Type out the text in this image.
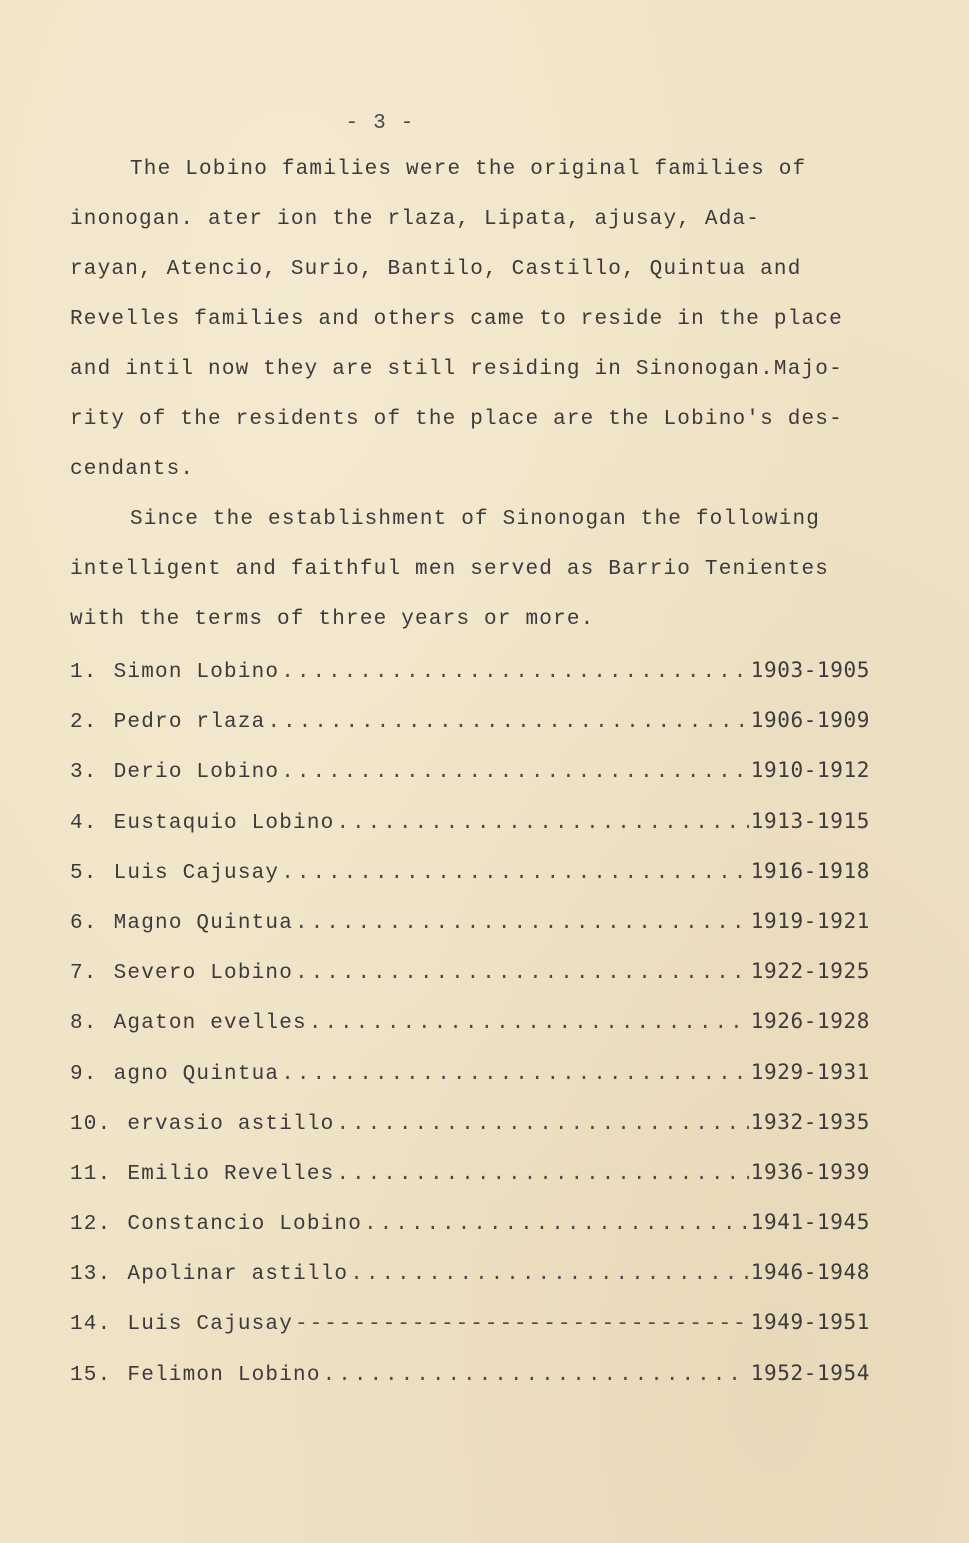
- 3 -
The Lobino families were the original families of
inonogan. ater ion the rlaza, Lipata, ajusay, Ada-
rayan, Atencio, Surio, Bantilo, Castillo, Quintua and
Revelles families and others came to reside in the place
and intil now they are still residing in Sinonogan.Majo-
rity of the residents of the place are the Lobino's des-
cendants.
Since the establishment of Sinonogan the following
intelligent and faithful men served as Barrio Tenientes
with the terms of three years or more.
1. Simon Lobino .....	1903-1905
2. Pedro rlaza .....	1906-1909
3. Derio Lobino .....	1910-1912
4. Eustaquio Lobino .....	1913-1915
5. Luis Cajusay .....	1916-1918
6. Magno Quintua .....	1919-1921
7. Severo Lobino .....	1922-1925
8. Agaton evelles .....	1926-1928
9. agno Quintua .....	1929-1931
10. ervasio astillo .....	1932-1935
11. Emilio Revelles .....	1936-1939
12. Constancio Lobino .....	1941-1945
13. Apolinar astillo .....	1946-1948
14. Luis Cajusay -----	1949-1951
15. Felimon Lobino .....	1952-1954
